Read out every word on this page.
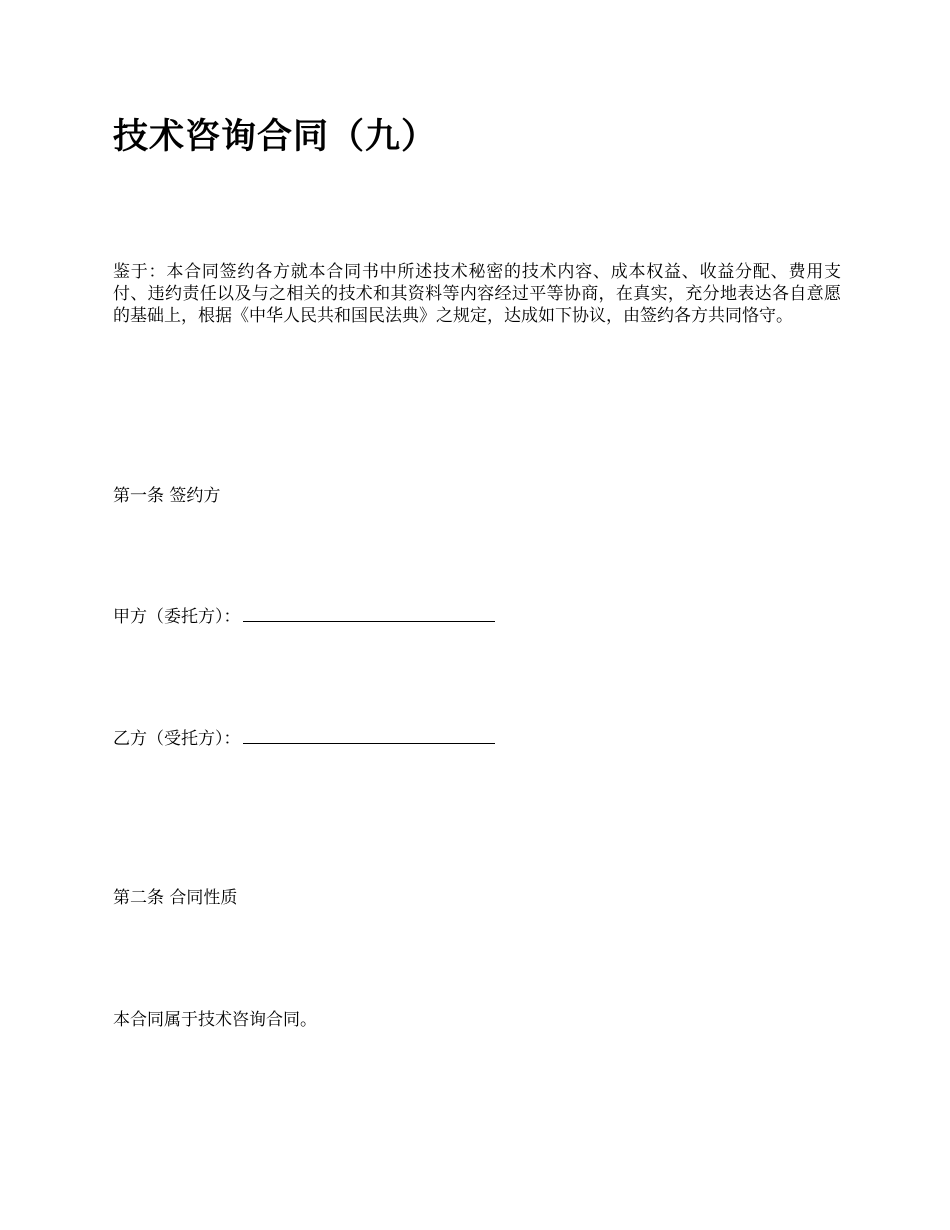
技术咨询合同（九）

鉴于：本合同签约各方就本合同书中所述技术秘密的技术内容、成本权益、收益分配、费用支付、违约责任以及与之相关的技术和其资料等内容经过平等协商，在真实，充分地表达各自意愿的基础上，根据《中华人民共和国民法典》之规定，达成如下协议，由签约各方共同恪守。

第一条 签约方
甲方（委托方）：
乙方（受托方）：
第二条 合同性质
本合同属于技术咨询合同。
